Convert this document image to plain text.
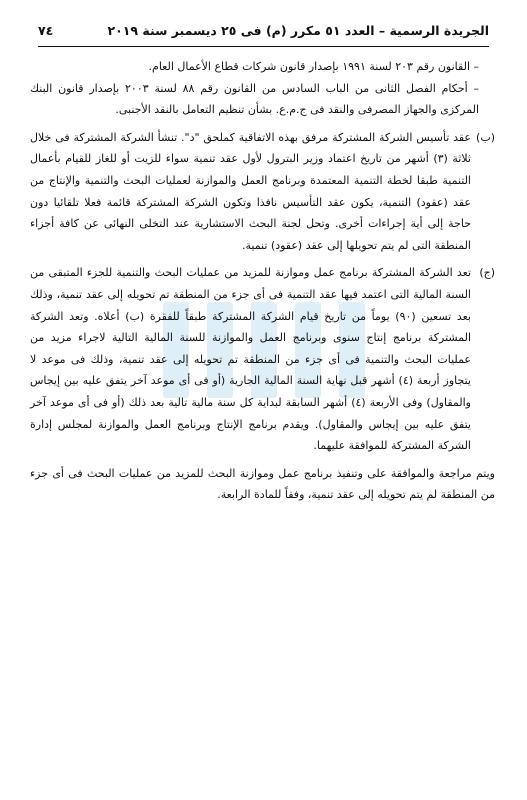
الجريدة الرسمية – العدد ٥١ مكرر (م) فى ٢٥ ديسمبر سنة ٢٠١٩
٧٤

– القانون رقم ٢٠٣ لسنة ١٩٩١ بإصدار قانون شركات قطاع الأعمال العام.

– أحكام الفصل الثانى من الباب السادس من القانون رقم ٨٨ لسنة ٢٠٠٣ بإصدار قانون البنك المركزى والجهاز المصرفى والنقد فى ج.م.ع. بشأن تنظيم التعامل بالنقد الأجنبى.

(ب)
عقد تأسيس الشركة المشتركة مرفق بهذه الاتفاقية كملحق "د". تنشأ الشركة المشتركة فى خلال ثلاثة (٣) أشهر من تاريخ اعتماد وزير البترول لأول عقد تنمية سواء للزيت أو للغاز للقيام بأعمال التنمية طبقا لخطة التنمية المعتمدة وبرنامج العمل والموازنة لعمليات البحث والتنمية والإنتاج من عقد (عقود) التنمية، يكون عقد التأسيس نافذا وتكون الشركة المشتركة قائمة فعلا تلقائيا دون حاجة إلى أية إجراءات أخرى. وتحل لجنة البحث الاستشارية عند التخلى النهائى عن كافة أجزاء المنطقة التى لم يتم تحويلها إلى عقد (عقود) تنمية.

(ج)
تعد الشركة المشتركة برنامج عمل وموازنة للمزيد من عمليات البحث والتنمية للجزء المتبقى من السنة المالية التى اعتمد فيها عقد التنمية فى أى جزء من المنطقة تم تحويله إلى عقد تنمية، وذلك بعد تسعين (٩٠) يوماً من تاريخ قيام الشركة المشتركة طبقاً للفقرة (ب) أعلاه. وتعد الشركة المشتركة برنامج إنتاج سنوى وبرنامج العمل والموازنة للسنة المالية التالية لاجراء مزيد من عمليات البحث والتنمية فى أى جزء من المنطقة تم تحويله إلى عقد تنمية، وذلك فى موعد لا يتجاوز أربعة (٤) أشهر قبل نهاية السنة المالية الجارية (أو فى أى موعد آخر يتفق عليه بين إيجاس والمقاول) وفى الأربعة (٤) أشهر السابقة لبداية كل سنة مالية تالية بعد ذلك (أو فى أى موعد آخر يتفق عليه بين إيجاس والمقاول). ويقدم برنامج الإنتاج وبرنامج العمل والموازنة لمجلس إدارة الشركة المشتركة للموافقة عليهما.

ويتم مراجعة والموافقة على وتنفيذ برنامج عمل وموازنة البحث للمزيد من عمليات البحث فى أى جزء من المنطقة لم يتم تحويله إلى عقد تنمية، وفقاً للمادة الرابعة.
